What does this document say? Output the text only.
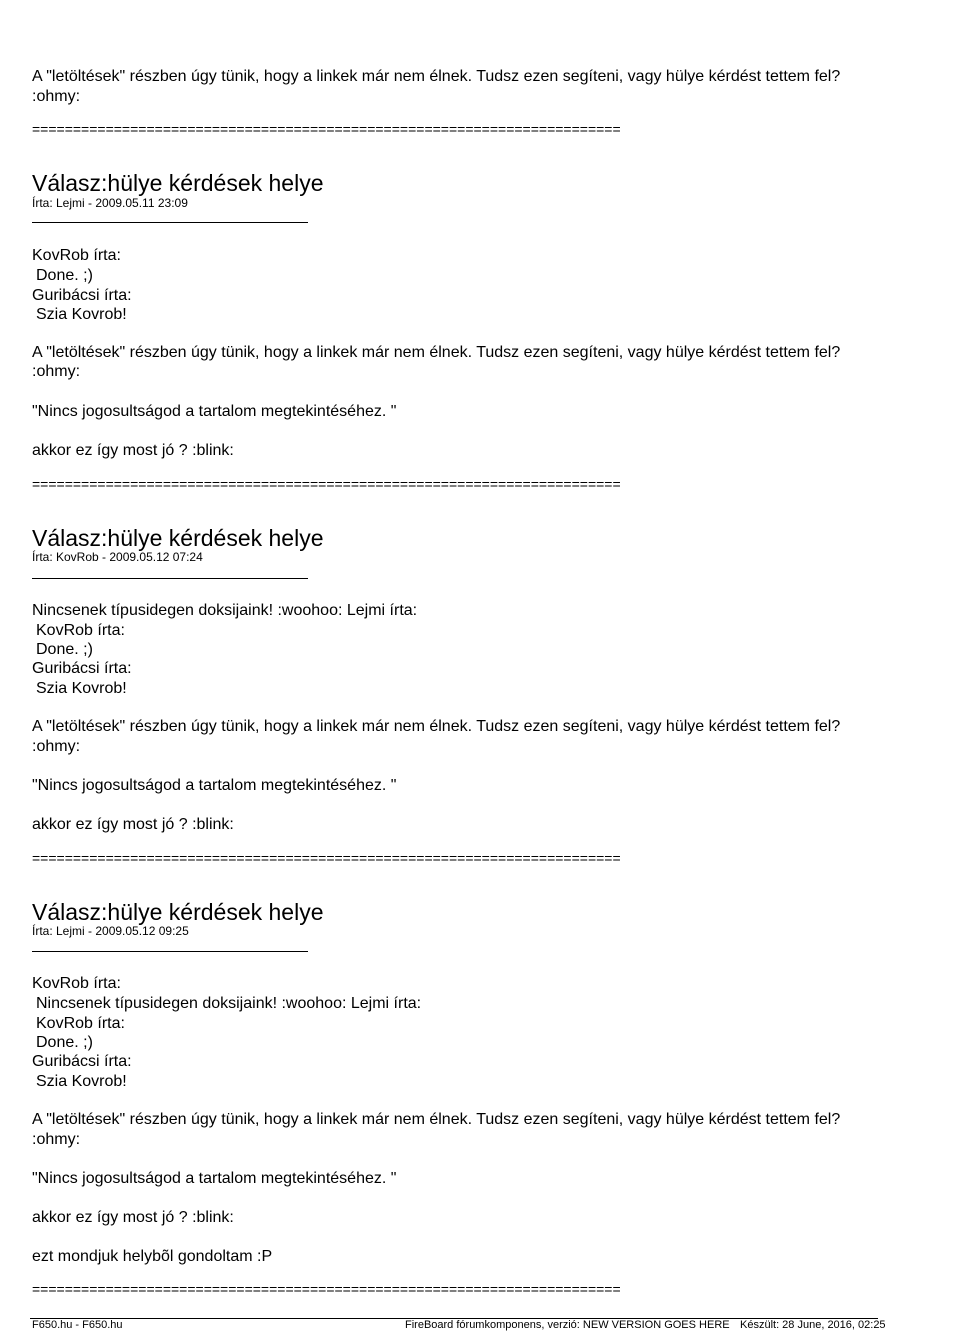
A "letöltések" részben úgy tünik, hogy a linkek már nem élnek. Tudsz ezen segíteni, vagy hülye kérdést tettem fel?
:ohmy:
========================================================================
Válasz:hülye kérdések helye
Írta: Lejmi - 2009.05.11 23:09
KovRob írta:
Done. ;)
Guribácsi írta:
Szia Kovrob!
A "letöltések" részben úgy tünik, hogy a linkek már nem élnek. Tudsz ezen segíteni, vagy hülye kérdést tettem fel?
:ohmy:
"Nincs jogosultságod a tartalom megtekintéséhez. "
akkor ez így most jó ? :blink:
========================================================================
Válasz:hülye kérdések helye
Írta: KovRob - 2009.05.12 07:24
Nincsenek típusidegen doksijaink! :woohoo: Lejmi írta:
KovRob írta:
Done. ;)
Guribácsi írta:
Szia Kovrob!
A "letöltések" részben úgy tünik, hogy a linkek már nem élnek. Tudsz ezen segíteni, vagy hülye kérdést tettem fel?
:ohmy:
"Nincs jogosultságod a tartalom megtekintéséhez. "
akkor ez így most jó ? :blink:
========================================================================
Válasz:hülye kérdések helye
Írta: Lejmi - 2009.05.12 09:25
KovRob írta:
Nincsenek típusidegen doksijaink! :woohoo: Lejmi írta:
KovRob írta:
Done. ;)
Guribácsi írta:
Szia Kovrob!
A "letöltések" részben úgy tünik, hogy a linkek már nem élnek. Tudsz ezen segíteni, vagy hülye kérdést tettem fel?
:ohmy:
"Nincs jogosultságod a tartalom megtekintéséhez. "
akkor ez így most jó ? :blink:
ezt mondjuk helybõl gondoltam :P
========================================================================
F650.hu - F650.hu	FireBoard fórumkomponens, verzió: NEW VERSION GOES HERE Készült: 28 June, 2016, 02:25
